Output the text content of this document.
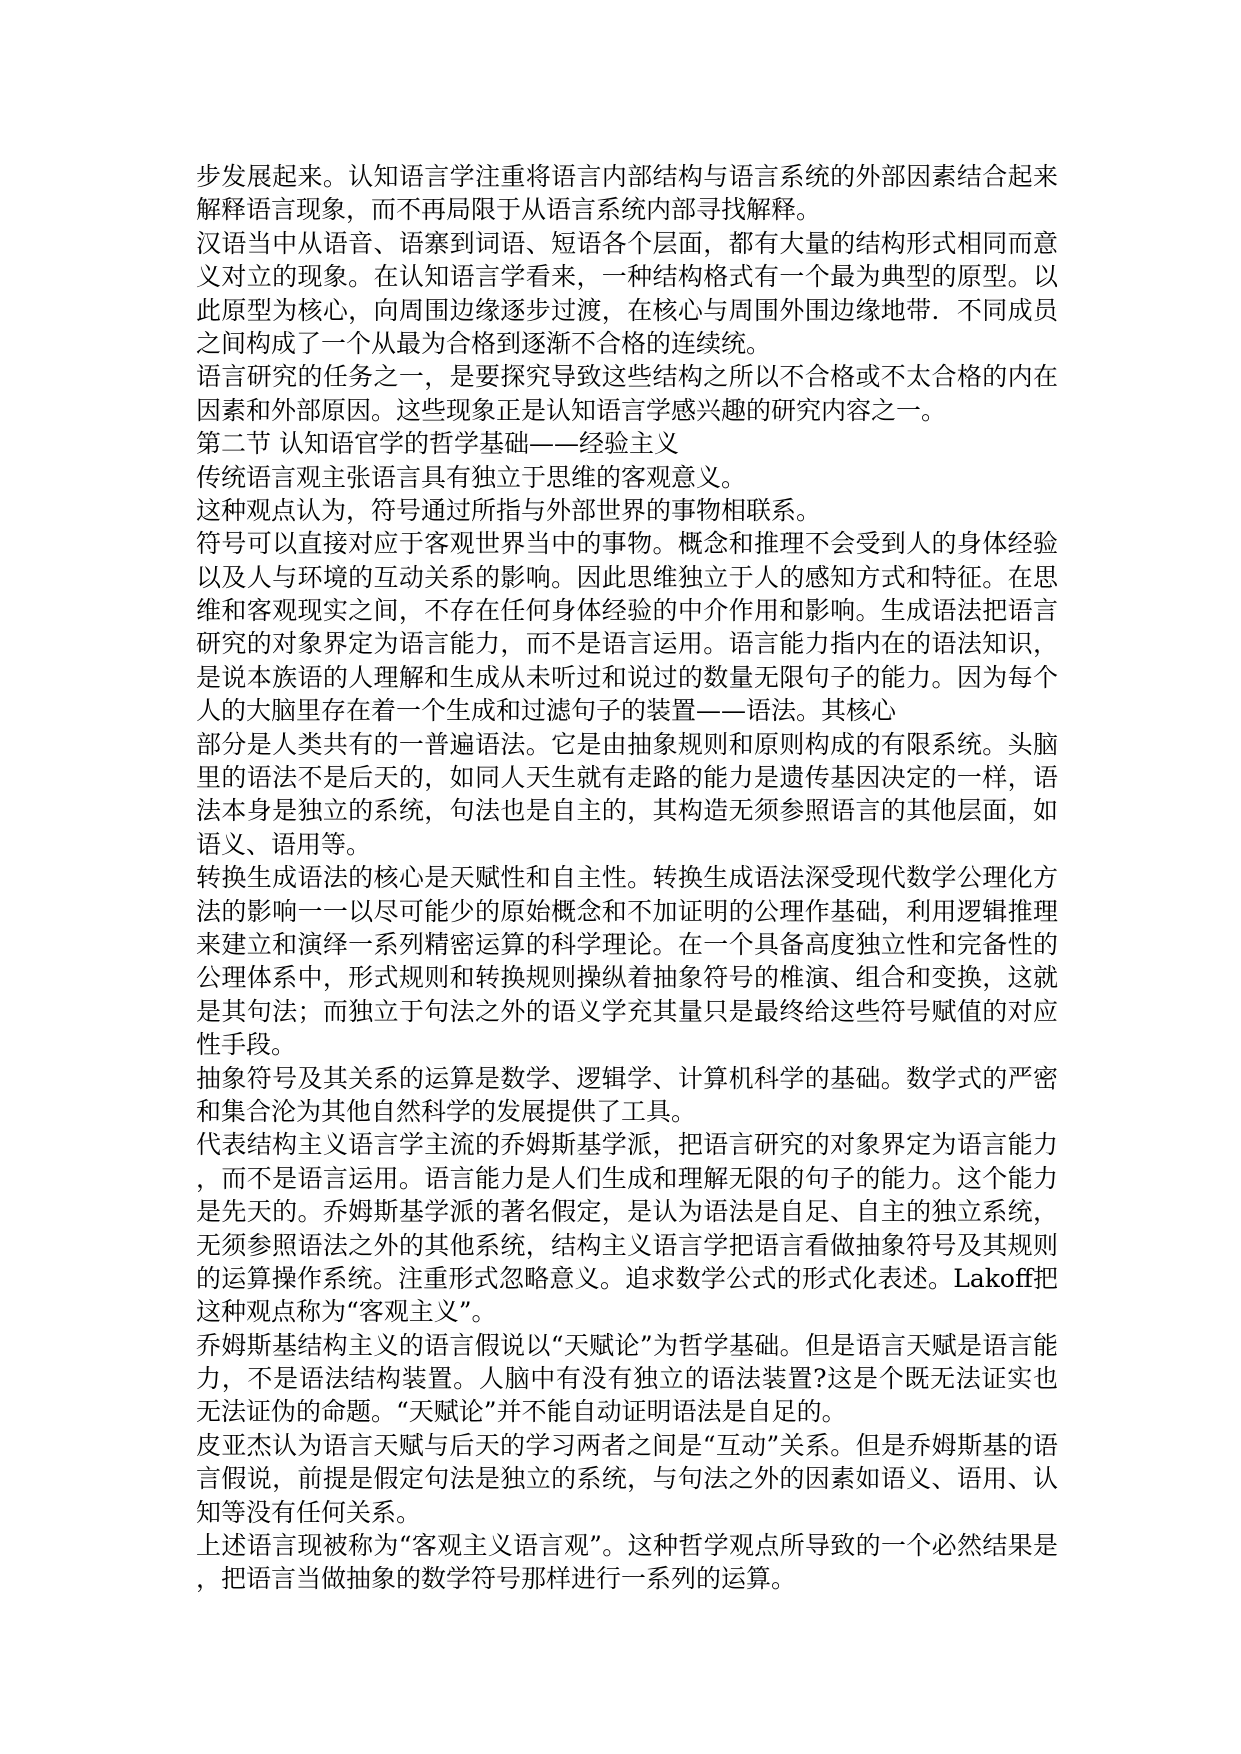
步发展起来。认知语言学注重将语言内部结构与语言系统的外部因素结合起来
解释语言现象，而不再局限于从语言系统内部寻找解释。
汉语当中从语音、语寨到词语、短语各个层面，都有大量的结构形式相同而意
义对立的现象。在认知语言学看来，一种结构格式有一个最为典型的原型。以
此原型为核心，向周围边缘逐步过渡，在核心与周围外围边缘地带．不同成员
之间构成了一个从最为合格到逐渐不合格的连续统。
语言研究的任务之一，是要探究导致这些结构之所以不合格或不太合格的内在
因素和外部原因。这些现象正是认知语言学感兴趣的研究内容之一。
第二节 认知语官学的哲学基础——经验主义
传统语言观主张语言具有独立于思维的客观意义。
这种观点认为，符号通过所指与外部世界的事物相联系。
符号可以直接对应于客观世界当中的事物。概念和推理不会受到人的身体经验
以及人与环境的互动关系的影响。因此思维独立于人的感知方式和特征。在思
维和客观现实之间，不存在任何身体经验的中介作用和影响。生成语法把语言
研究的对象界定为语言能力，而不是语言运用。语言能力指内在的语法知识，
是说本族语的人理解和生成从未听过和说过的数量无限句子的能力。因为每个
人的大脑里存在着一个生成和过滤句子的装置——语法。其核心
部分是人类共有的一普遍语法。它是由抽象规则和原则构成的有限系统。头脑
里的语法不是后天的，如同人天生就有走路的能力是遗传基因决定的一样，语
法本身是独立的系统，句法也是自主的，其构造无须参照语言的其他层面，如
语义、语用等。
转换生成语法的核心是天赋性和自主性。转换生成语法深受现代数学公理化方
法的影响一一以尽可能少的原始概念和不加证明的公理作基础，利用逻辑推理
来建立和演绎一系列精密运算的科学理论。在一个具备高度独立性和完备性的
公理体系中，形式规则和转换规则操纵着抽象符号的椎演、组合和变换，这就
是其句法；而独立于句法之外的语义学充其量只是最终给这些符号赋值的对应
性手段。
抽象符号及其关系的运算是数学、逻辑学、计算机科学的基础。数学式的严密
和集合沦为其他自然科学的发展提供了工具。
代表结构主义语言学主流的乔姆斯基学派，把语言研究的对象界定为语言能力
，而不是语言运用。语言能力是人们生成和理解无限的句子的能力。这个能力
是先天的。乔姆斯基学派的著名假定，是认为语法是自足、自主的独立系统，
无须参照语法之外的其他系统，结构主义语言学把语言看做抽象符号及其规则
的运算操作系统。注重形式忽略意义。追求数学公式的形式化表述。Lakoff把
这种观点称为“客观主义”。
乔姆斯基结构主义的语言假说以“天赋论”为哲学基础。但是语言天赋是语言能
力，不是语法结构装置。人脑中有没有独立的语法装置?这是个既无法证实也
无法证伪的命题。“天赋论”并不能自动证明语法是自足的。
皮亚杰认为语言天赋与后天的学习两者之间是“互动”关系。但是乔姆斯基的语
言假说，前提是假定句法是独立的系统，与句法之外的因素如语义、语用、认
知等没有任何关系。
上述语言现被称为“客观主义语言观”。这种哲学观点所导致的一个必然结果是
，把语言当做抽象的数学符号那样进行一系列的运算。
